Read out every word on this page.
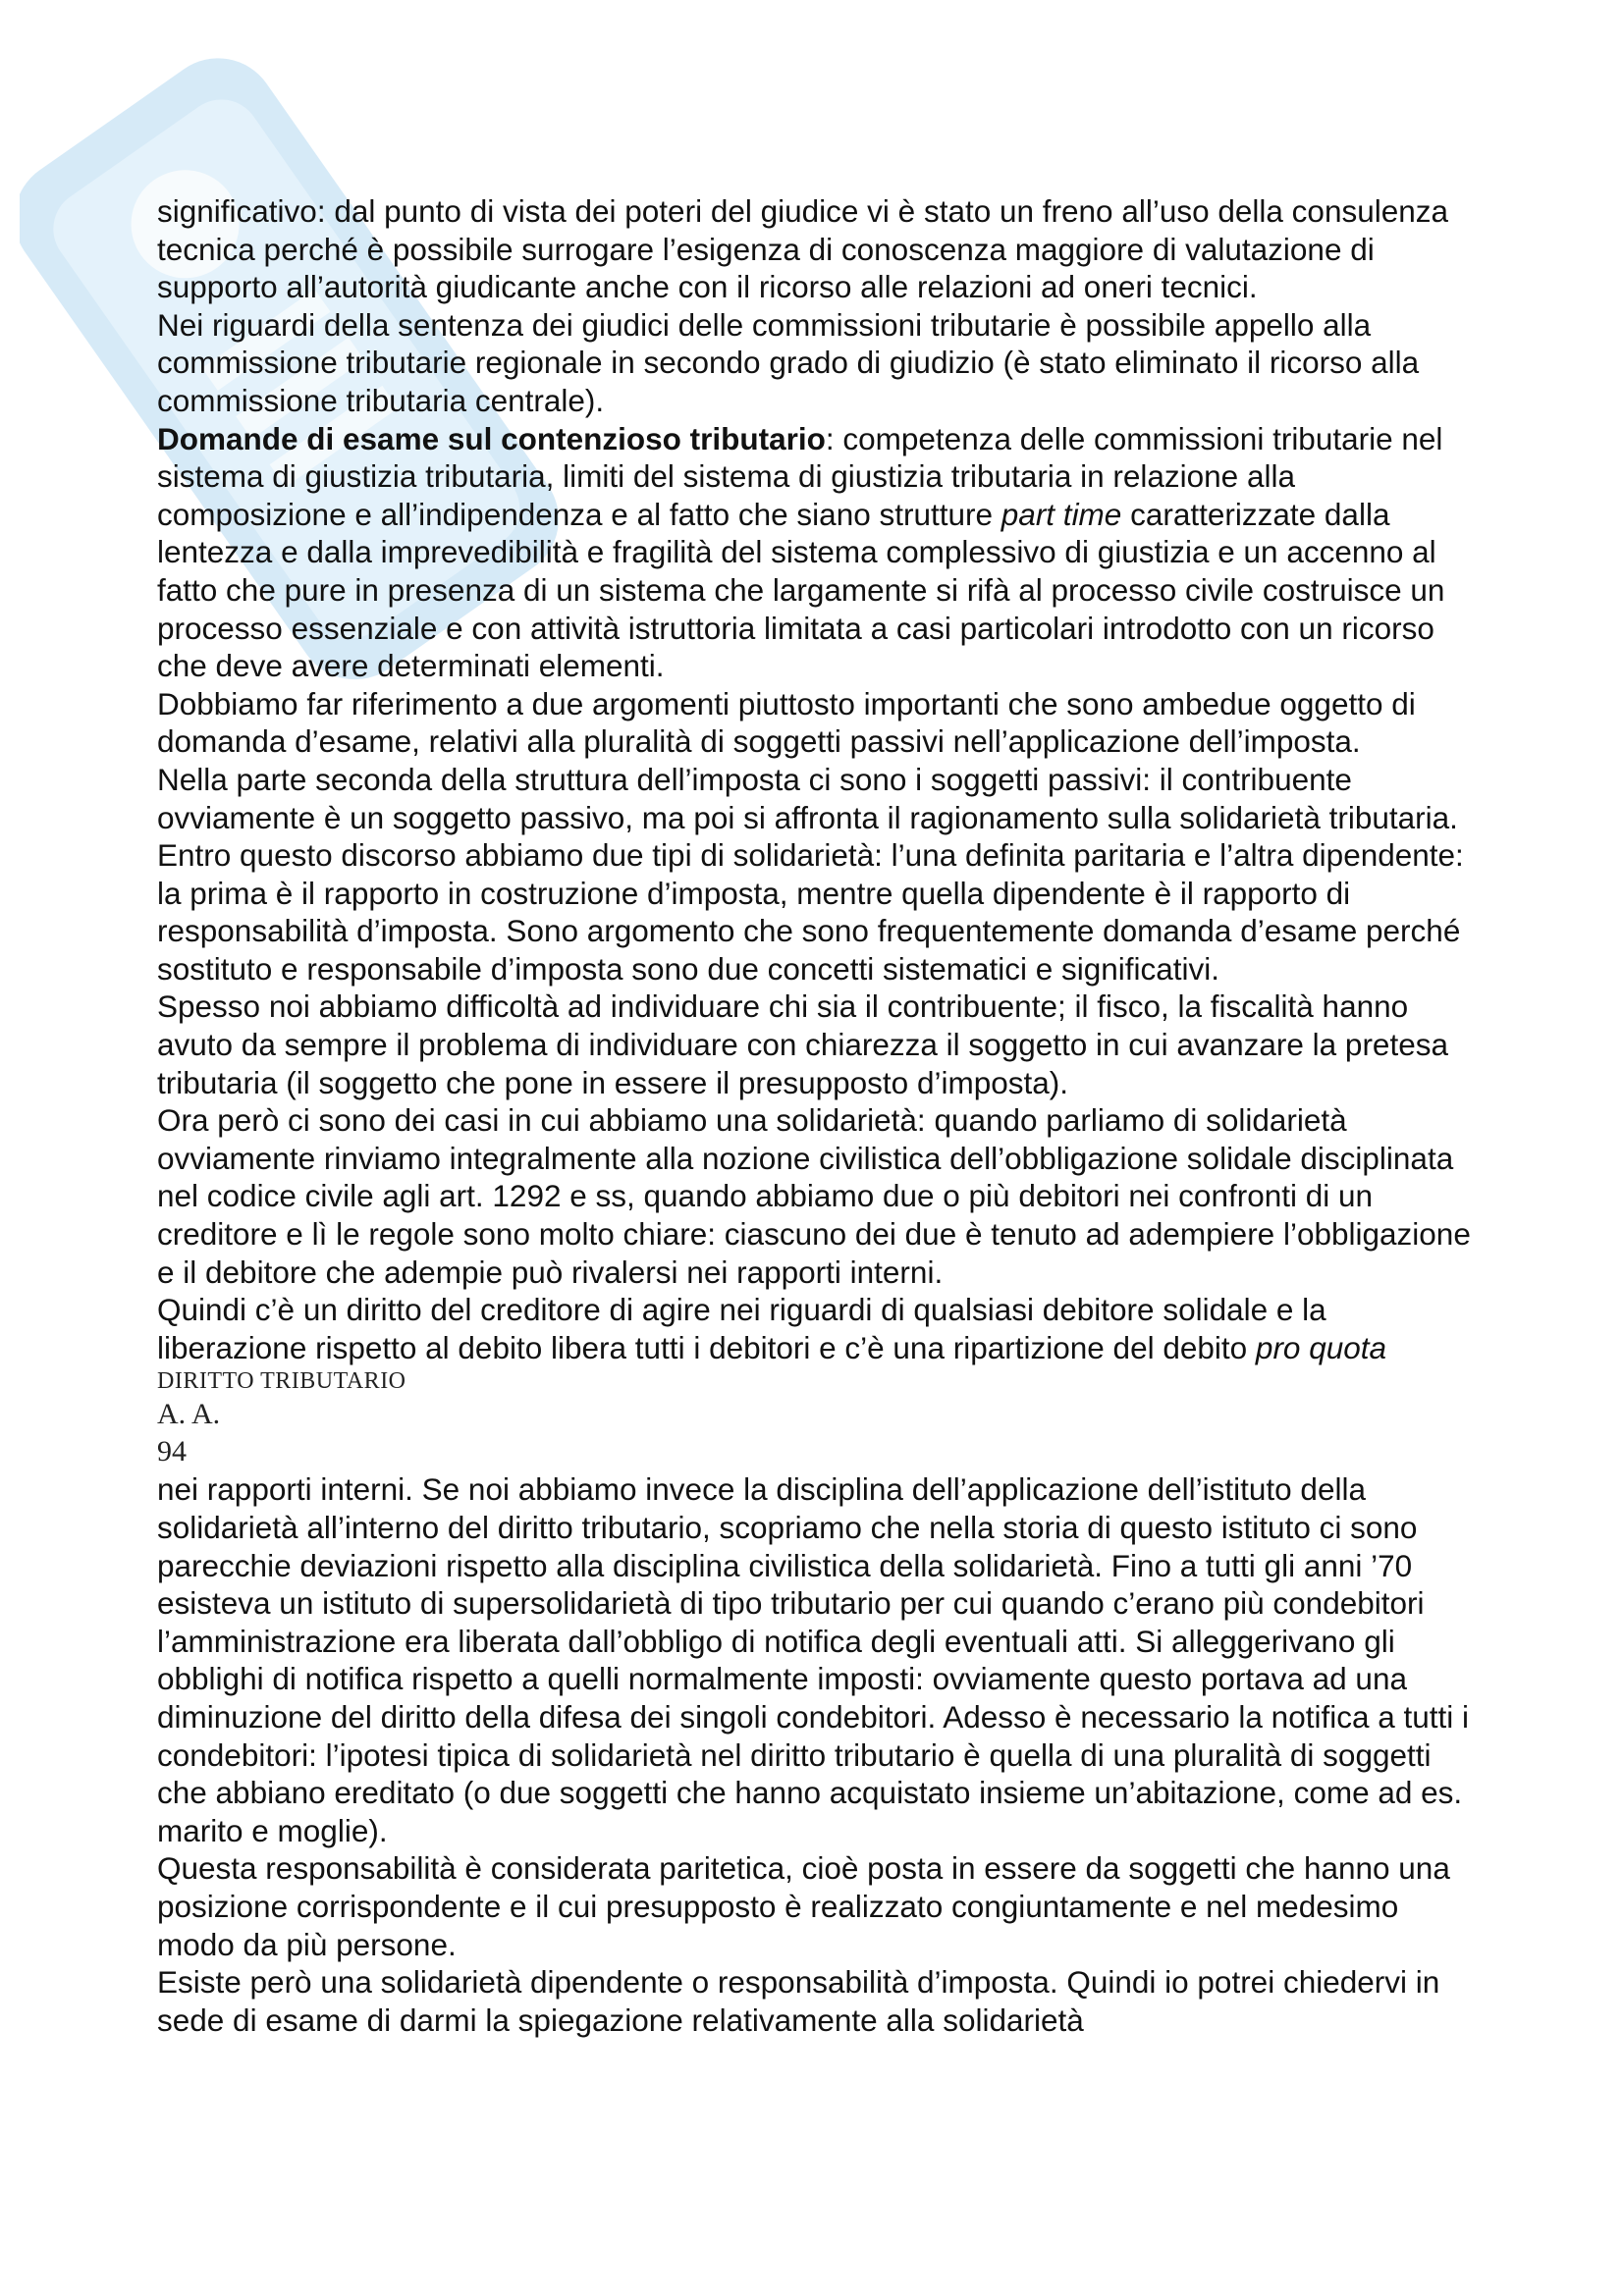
significativo: dal punto di vista dei poteri del giudice vi è stato un freno all’uso della consulenza tecnica perché è possibile surrogare l’esigenza di conoscenza maggiore di valutazione di supporto all’autorità giudicante anche con il ricorso alle relazioni ad oneri tecnici.

Nei riguardi della sentenza dei giudici delle commissioni tributarie è possibile appello alla commissione tributarie regionale in secondo grado di giudizio (è stato eliminato il ricorso alla commissione tributaria centrale).

Domande di esame sul contenzioso tributario: competenza delle commissioni tributarie nel sistema di giustizia tributaria, limiti del sistema di giustizia tributaria in relazione alla composizione e all’indipendenza e al fatto che siano strutture part time caratterizzate dalla lentezza e dalla imprevedibilità e fragilità del sistema complessivo di giustizia e un accenno al fatto che pure in presenza di un sistema che largamente si rifà al processo civile costruisce un processo essenziale e con attività istruttoria limitata a casi particolari introdotto con un ricorso che deve avere determinati elementi.

Dobbiamo far riferimento a due argomenti piuttosto importanti che sono ambedue oggetto di domanda d’esame, relativi alla pluralità di soggetti passivi nell’applicazione dell’imposta.

Nella parte seconda della struttura dell’imposta ci sono i soggetti passivi: il contribuente ovviamente è un soggetto passivo, ma poi si affronta il ragionamento sulla solidarietà tributaria. Entro questo discorso abbiamo due tipi di solidarietà: l’una definita paritaria e l’altra dipendente: la prima è il rapporto in costruzione d’imposta, mentre quella dipendente è il rapporto di responsabilità d’imposta. Sono argomento che sono frequentemente domanda d’esame perché sostituto e responsabile d’imposta sono due concetti sistematici e significativi.

Spesso noi abbiamo difficoltà ad individuare chi sia il contribuente; il fisco, la fiscalità hanno avuto da sempre il problema di individuare con chiarezza il soggetto in cui avanzare la pretesa tributaria (il soggetto che pone in essere il presupposto d’imposta).

Ora però ci sono dei casi in cui abbiamo una solidarietà: quando parliamo di solidarietà ovviamente rinviamo integralmente alla nozione civilistica dell’obbligazione solidale disciplinata nel codice civile agli art. 1292 e ss, quando abbiamo due o più debitori nei confronti di un creditore e lì le regole sono molto chiare: ciascuno dei due è tenuto ad adempiere l’obbligazione e il debitore che adempie può rivalersi nei rapporti interni.

Quindi c’è un diritto del creditore di agire nei riguardi di qualsiasi debitore solidale e la liberazione rispetto al debito libera tutti i debitori e c’è una ripartizione del debito pro quota

DIRITTO TRIBUTARIO
A. A.
94

nei rapporti interni. Se noi abbiamo invece la disciplina dell’applicazione dell’istituto della solidarietà all’interno del diritto tributario, scopriamo che nella storia di questo istituto ci sono parecchie deviazioni rispetto alla disciplina civilistica della solidarietà. Fino a tutti gli anni ’70 esisteva un istituto di supersolidarietà di tipo tributario per cui quando c’erano più condebitori l’amministrazione era liberata dall’obbligo di notifica degli eventuali atti. Si alleggerivano gli obblighi di notifica rispetto a quelli normalmente imposti: ovviamente questo portava ad una diminuzione del diritto della difesa dei singoli condebitori. Adesso è necessario la notifica a tutti i condebitori: l’ipotesi tipica di solidarietà nel diritto tributario è quella di una pluralità di soggetti che abbiano ereditato (o due soggetti che hanno acquistato insieme un’abitazione, come ad es. marito e moglie).

Questa responsabilità è considerata paritetica, cioè posta in essere da soggetti che hanno una posizione corrispondente e il cui presupposto è realizzato congiuntamente e nel medesimo modo da più persone.

Esiste però una solidarietà dipendente o responsabilità d’imposta. Quindi io potrei chiedervi in sede di esame di darmi la spiegazione relativamente alla solidarietà
